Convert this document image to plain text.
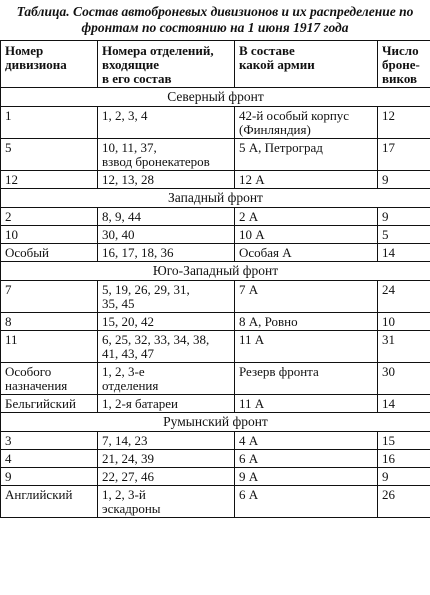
Таблица. Состав автоброневых дивизионов и их распределение по фронтам по состоянию на 1 июня 1917 года

Номер
дивизиона	Номера отделений,
входящие
в его состав	В составе
какой армии	Число
броне-
виков
Северный фронт			
1	1, 2, 3, 4	42-й особый корпус
(Финляндия)	12
5	10, 11, 37,
взвод бронекатеров	5 А, Петроград	17
12	12, 13, 28	12 А	9
Западный фронт			
2	8, 9, 44	2 А	9
10	30, 40	10 А	5
Особый	16, 17, 18, 36	Особая А	14
Юго-Западный фронт			
7	5, 19, 26, 29, 31,
35, 45	7 А	24
8	15, 20, 42	8 А, Ровно	10
11	6, 25, 32, 33, 34, 38,
41, 43, 47	11 А	31
Особого
назначения	1, 2, 3-е
отделения	Резерв фронта	30
Бельгийский	1, 2-я батареи	11 А	14
Румынский фронт			
3	7, 14, 23	4 А	15
4	21, 24, 39	6 А	16
9	22, 27, 46	9 А	9
Английский	1, 2, 3-й
эскадроны	6 А	26
